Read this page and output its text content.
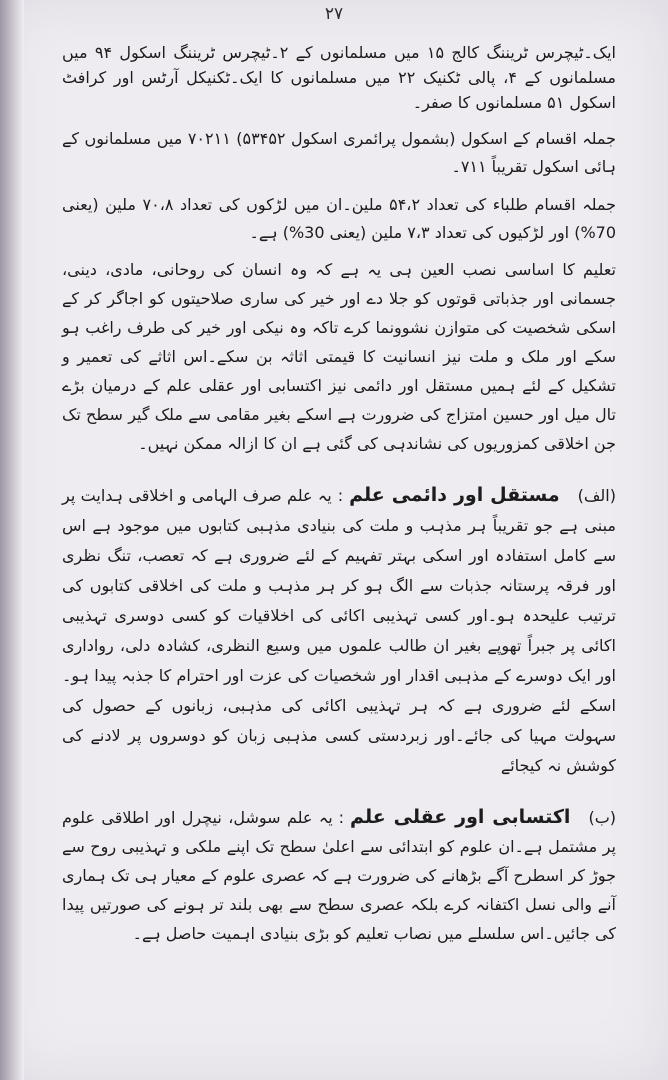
۲۷

ایک۔ٹیچرس ٹریننگ کالج ۱۵ میں مسلمانوں کے ۲۔ٹیچرس ٹریننگ اسکول ۹۴ میں مسلمانوں کے ۴، پالی ٹکنیک ۲۲ میں مسلمانوں کا ایک۔ٹکنیکل آرٹس اور کرافٹ اسکول ۵۱ مسلمانوں کا صفر۔

جملہ اقسام کے اسکول (بشمول پرائمری اسکول ۵۳۴۵۲) ۷۰۲۱۱ میں مسلمانوں کے ہائی اسکول تقریباً ۷۱۱۔

جملہ اقسام طلباء کی تعداد ۵۴،۲ ملین۔ان میں لڑکوں کی تعداد ۷۰،۸ ملین (یعنی 70%) اور لڑکیوں کی تعداد ۷،۳ ملین (یعنی 30%) ہے۔

تعلیم کا اساسی نصب العین ہی یہ ہے کہ وہ انسان کی روحانی، مادی، دینی، جسمانی اور جذباتی قوتوں کو جلا دے اور خیر کی ساری صلاحیتوں کو اجاگر کر کے اسکی شخصیت کی متوازن نشوونما کرے تاکہ وہ نیکی اور خیر کی طرف راغب ہو سکے اور ملک و ملت نیز انسانیت کا قیمتی اثاثہ بن سکے۔اس اثاثے کی تعمیر و تشکیل کے لئے ہمیں مستقل اور دائمی نیز اکتسابی اور عقلی علم کے درمیان بڑے تال میل اور حسین امتزاج کی ضرورت ہے اسکے بغیر مقامی سے ملک گیر سطح تک جن اخلاقی کمزوریوں کی نشاندہی کی گئی ہے ان کا ازالہ ممکن نہیں۔

(الف)مستقل اور دائمی علم:یہ علم صرف الہامی و اخلاقی ہدایت پر مبنی ہے جو تقریباً ہر مذہب و ملت کی بنیادی مذہبی کتابوں میں موجود ہے اس سے کامل استفادہ اور اسکی بہتر تفہیم کے لئے ضروری ہے کہ تعصب، تنگ نظری اور فرقہ پرستانہ جذبات سے الگ ہو کر ہر مذہب و ملت کی اخلاقی کتابوں کی ترتیب علیحدہ ہو۔اور کسی تہذیبی اکائی کی اخلاقیات کو کسی دوسری تہذیبی اکائی پر جبراً تھوپے بغیر ان طالب علموں میں وسیع النظری، کشادہ دلی، رواداری اور ایک دوسرے کے مذہبی اقدار اور شخصیات کی عزت اور احترام کا جذبہ پیدا ہو۔اسکے لئے ضروری ہے کہ ہر تہذیبی اکائی کی مذہبی، زبانوں کے حصول کی سہولت مہیا کی جائے۔اور زبردستی کسی مذہبی زبان کو دوسروں پر لادنے کی کوشش نہ کیجائے

(ب)اکتسابی اور عقلی علم:یہ علم سوشل، نیچرل اور اطلاقی علوم پر مشتمل ہے۔ان علوم کو ابتدائی سے اعلیٰ سطح تک اپنے ملکی و تہذیبی روح سے جوڑ کر اسطرح آگے بڑھانے کی ضرورت ہے کہ عصری علوم کے معیار ہی تک ہماری آنے والی نسل اکتفانہ کرے بلکہ عصری سطح سے بھی بلند تر ہونے کی صورتیں پیدا کی جائیں۔اس سلسلے میں نصاب تعلیم کو بڑی بنیادی اہمیت حاصل ہے۔
